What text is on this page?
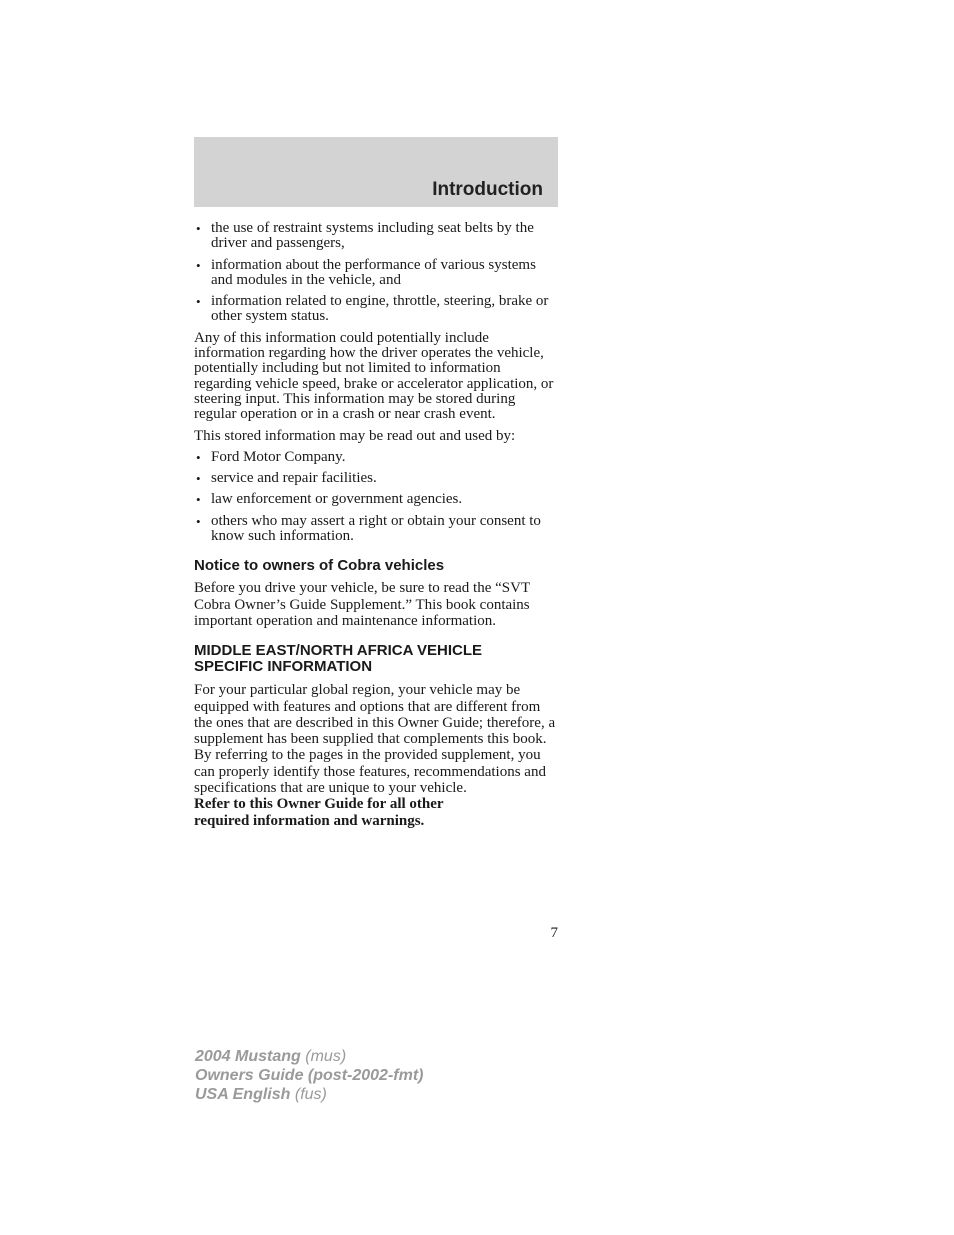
Introduction
• the use of restraint systems including seat belts by the driver and passengers,
• information about the performance of various systems and modules in the vehicle, and
• information related to engine, throttle, steering, brake or other system status.

Any of this information could potentially include information regarding how the driver operates the vehicle, potentially including but not limited to information regarding vehicle speed, brake or accelerator application, or steering input. This information may be stored during regular operation or in a crash or near crash event.

This stored information may be read out and used by:

• Ford Motor Company.
• service and repair facilities.
• law enforcement or government agencies.
• others who may assert a right or obtain your consent to know such information.
Notice to owners of Cobra vehicles

Before you drive your vehicle, be sure to read the “SVT Cobra Owner’s Guide Supplement.” This book contains important operation and maintenance information.

MIDDLE EAST/NORTH AFRICA VEHICLE
SPECIFIC INFORMATION

For your particular global region, your vehicle may be equipped with features and options that are different from the ones that are described in this Owner Guide; therefore, a supplement has been supplied that complements this book. By referring to the pages in the provided supplement, you can properly identify those features, recommendations and specifications that are unique to your vehicle.
Refer to this Owner Guide for all other
required information and warnings.

7
2004 Mustang (mus)
Owners Guide (post-2002-fmt)
USA English (fus)
